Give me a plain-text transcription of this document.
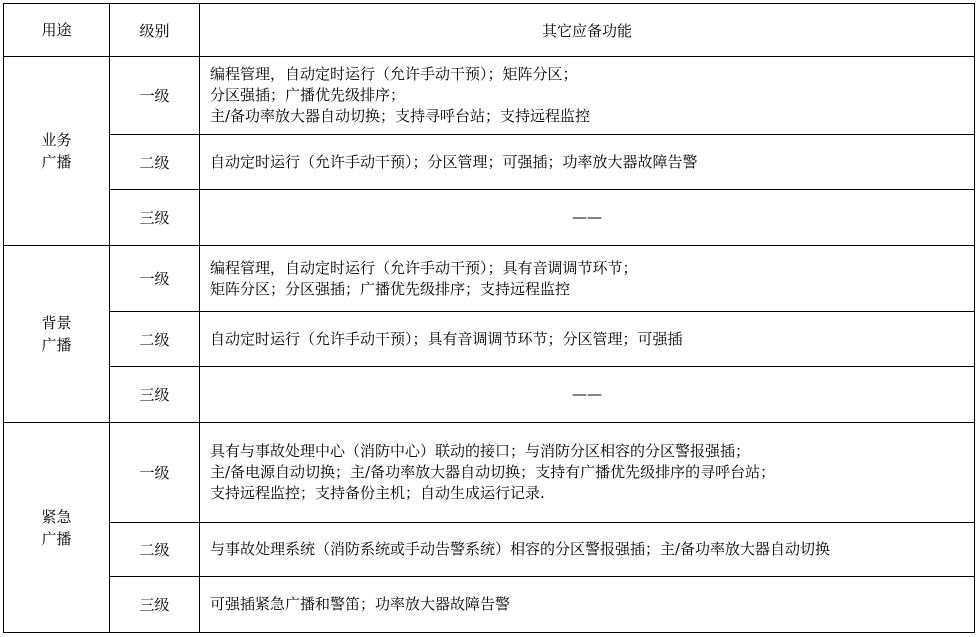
用途	级别	其它应备功能

业务
广播	一级	编程管理，自动定时运行（允许手动干预）；矩阵分区；
分区强插；广播优先级排序；
主/备功率放大器自动切换；支持寻呼台站；支持远程监控

	二级	自动定时运行（允许手动干预）；分区管理；可强插；功率放大器故障告警

	三级	——

背景
广播	一级	编程管理，自动定时运行（允许手动干预）；具有音调调节环节；
矩阵分区；分区强插；广播优先级排序；支持远程监控

	二级	自动定时运行（允许手动干预）；具有音调调节环节；分区管理；可强插

	三级	——

紧急
广播	一级	具有与事故处理中心（消防中心）联动的接口；与消防分区相容的分区警报强插；
主/备电源自动切换；主/备功率放大器自动切换；支持有广播优先级排序的寻呼台站；
支持远程监控；支持备份主机；自动生成运行记录.

	二级	与事故处理系统（消防系统或手动告警系统）相容的分区警报强插；主/备功率放大器自动切换

	三级	可强插紧急广播和警笛；功率放大器故障告警
